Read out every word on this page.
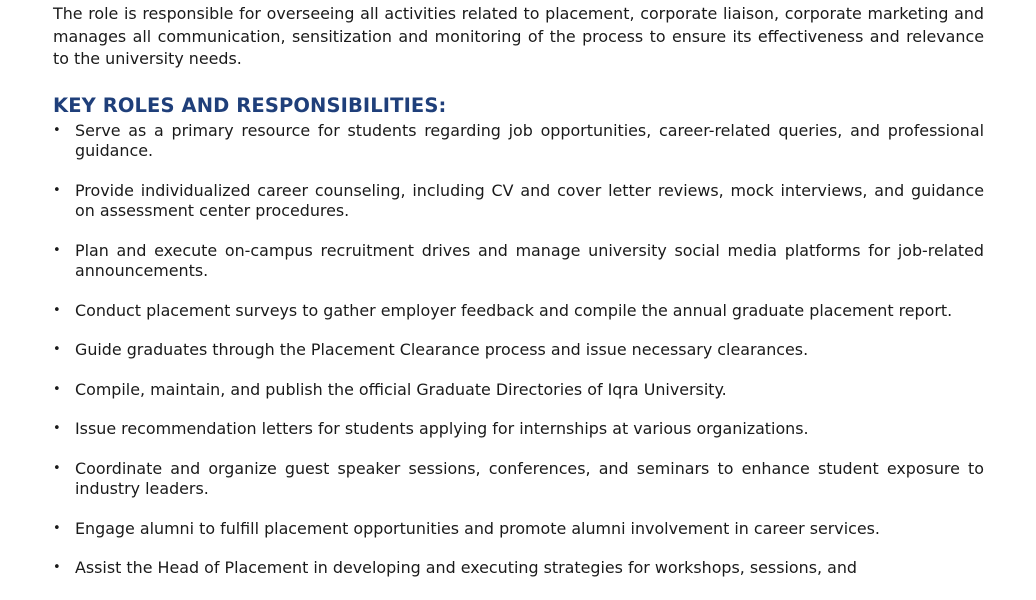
The role is responsible for overseeing all activities related to placement, corporate liaison, corporate marketing and manages all communication, sensitization and monitoring of the process to ensure its effectiveness and relevance to the university needs.

KEY ROLES AND RESPONSIBILITIES:
• Serve as a primary resource for students regarding job opportunities, career-related queries, and professional guidance.
• Provide individualized career counseling, including CV and cover letter reviews, mock interviews, and guidance on assessment center procedures.
• Plan and execute on-campus recruitment drives and manage university social media platforms for job-related announcements.
• Conduct placement surveys to gather employer feedback and compile the annual graduate placement report.
• Guide graduates through the Placement Clearance process and issue necessary clearances.
• Compile, maintain, and publish the official Graduate Directories of Iqra University.
• Issue recommendation letters for students applying for internships at various organizations.
• Coordinate and organize guest speaker sessions, conferences, and seminars to enhance student exposure to industry leaders.
• Engage alumni to fulfill placement opportunities and promote alumni involvement in career services.
• Assist the Head of Placement in developing and executing strategies for workshops, sessions, and
